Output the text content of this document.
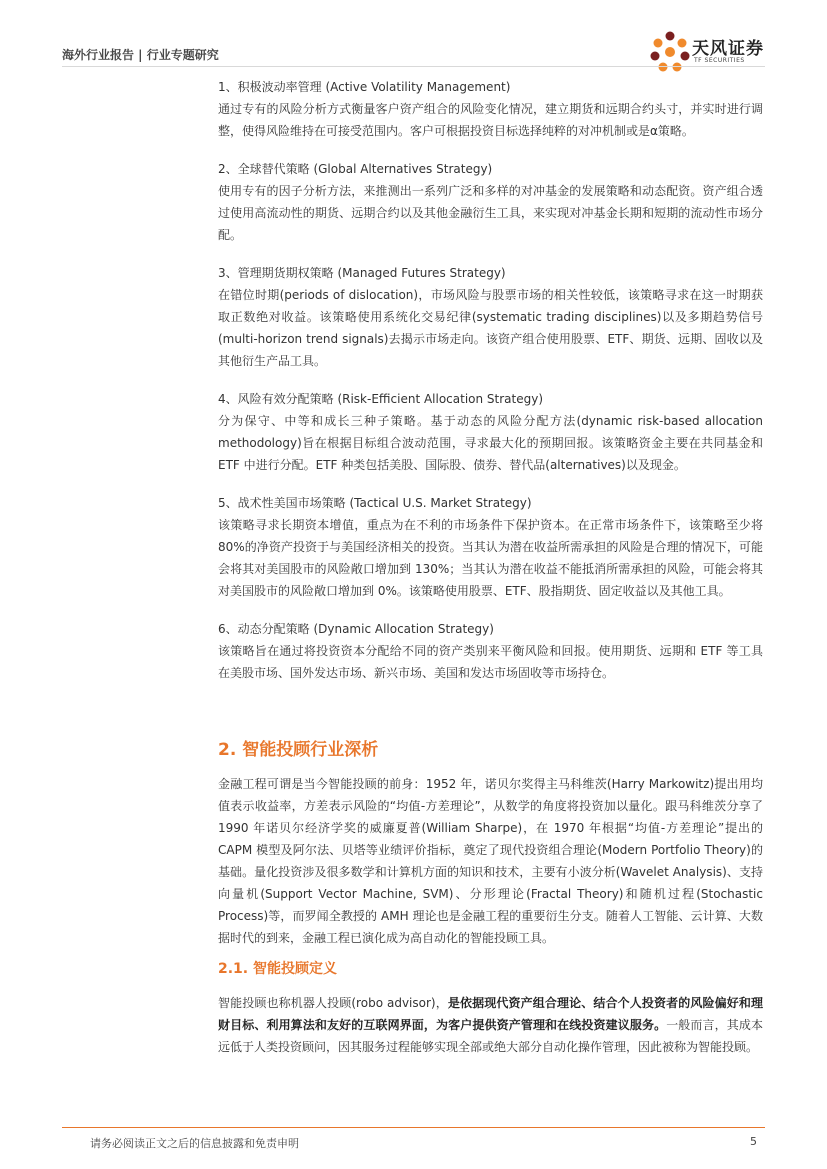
海外行业报告 | 行业专题研究	天风证券
TF SECURITIES
1、积极波动率管理 (Active Volatility Management)

通过专有的风险分析方式衡量客户资产组合的风险变化情况，建立期货和远期合约头寸，并实时进行调整，使得风险维持在可接受范围内。客户可根据投资目标选择纯粹的对冲机制或是α策略。

2、全球替代策略 (Global Alternatives Strategy)

使用专有的因子分析方法，来推测出一系列广泛和多样的对冲基金的发展策略和动态配资。资产组合透过使用高流动性的期货、远期合约以及其他金融衍生工具，来实现对冲基金长期和短期的流动性市场分配。

3、管理期货期权策略 (Managed Futures Strategy)

在错位时期(periods of dislocation)，市场风险与股票市场的相关性较低，该策略寻求在这一时期获取正数绝对收益。该策略使用系统化交易纪律(systematic trading disciplines)以及多期趋势信号(multi-horizon trend signals)去揭示市场走向。该资产组合使用股票、ETF、期货、远期、固收以及其他衍生产品工具。

4、风险有效分配策略 (Risk-Efficient Allocation Strategy)

分为保守、中等和成长三种子策略。基于动态的风险分配方法(dynamic risk-based allocation methodology)旨在根据目标组合波动范围，寻求最大化的预期回报。该策略资金主要在共同基金和 ETF 中进行分配。ETF 种类包括美股、国际股、债券、替代品(alternatives)以及现金。

5、战术性美国市场策略 (Tactical U.S. Market Strategy)

该策略寻求长期资本增值，重点为在不利的市场条件下保护资本。在正常市场条件下，该策略至少将 80%的净资产投资于与美国经济相关的投资。当其认为潜在收益所需承担的风险是合理的情况下，可能会将其对美国股市的风险敞口增加到 130%；当其认为潜在收益不能抵消所需承担的风险，可能会将其对美国股市的风险敞口增加到 0%。该策略使用股票、ETF、股指期货、固定收益以及其他工具。

6、动态分配策略 (Dynamic Allocation Strategy)

该策略旨在通过将投资资本分配给不同的资产类别来平衡风险和回报。使用期货、远期和 ETF 等工具在美股市场、国外发达市场、新兴市场、美国和发达市场固收等市场持仓。

2. 智能投顾行业深析

金融工程可谓是当今智能投顾的前身：1952 年，诺贝尔奖得主马科维茨(Harry Markowitz)提出用均值表示收益率，方差表示风险的“均值-方差理论”，从数学的角度将投资加以量化。跟马科维茨分享了 1990 年诺贝尔经济学奖的威廉夏普(William Sharpe)，在 1970 年根据“均值-方差理论”提出的 CAPM 模型及阿尔法、贝塔等业绩评价指标，奠定了现代投资组合理论(Modern Portfolio Theory)的基础。量化投资涉及很多数学和计算机方面的知识和技术，主要有小波分析(Wavelet Analysis)、支持向量机(Support Vector Machine, SVM)、分形理论(Fractal Theory)和随机过程(Stochastic Process)等，而罗闻全教授的 AMH 理论也是金融工程的重要衍生分支。随着人工智能、云计算、大数据时代的到来，金融工程已演化成为高自动化的智能投顾工具。

2.1. 智能投顾定义

智能投顾也称机器人投顾(robo advisor)，是依据现代资产组合理论、结合个人投资者的风险偏好和理财目标、利用算法和友好的互联网界面，为客户提供资产管理和在线投资建议服务。一般而言，其成本远低于人类投资顾问，因其服务过程能够实现全部或绝大部分自动化操作管理，因此被称为智能投顾。

请务必阅读正文之后的信息披露和免责申明	5
